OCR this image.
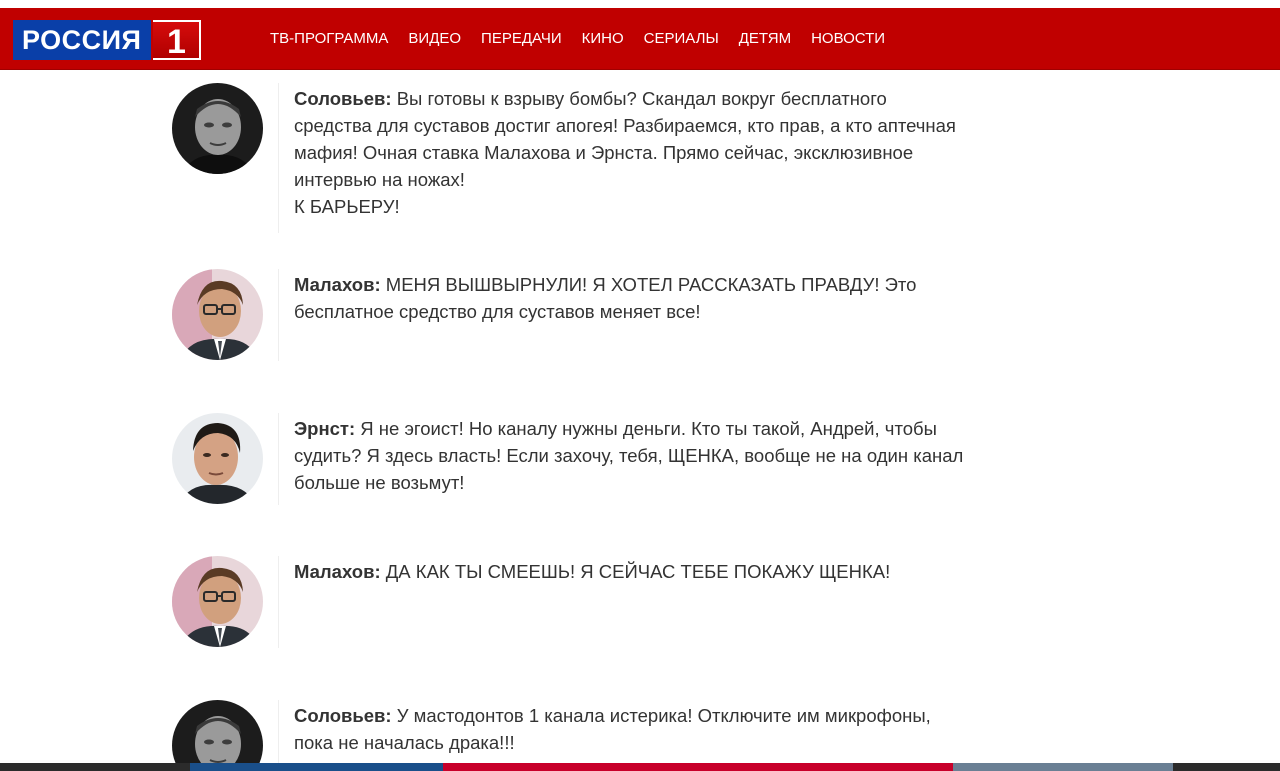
РОССИЯ 1	ТВ-ПРОГРАММА ВИДЕО ПЕРЕДАЧИ КИНО СЕРИАЛЫ ДЕТЯМ НОВОСТИ
Соловьев: Вы готовы к взрыву бомбы? Скандал вокруг бесплатного средства для суставов достиг апогея! Разбираемся, кто прав, а кто аптечная мафия! Очная ставка Малахова и Эрнста. Прямо сейчас, эксклюзивное интервью на ножах!
К БАРЬЕРУ!
Малахов: МЕНЯ ВЫШВЫРНУЛИ! Я ХОТЕЛ РАССКАЗАТЬ ПРАВДУ! Это бесплатное средство для суставов меняет все!
Эрнст: Я не эгоист! Но каналу нужны деньги. Кто ты такой, Андрей, чтобы судить? Я здесь власть! Если захочу, тебя, ЩЕНКА, вообще не на один канал больше не возьмут!
Малахов: ДА КАК ТЫ СМЕЕШЬ! Я СЕЙЧАС ТЕБЕ ПОКАЖУ ЩЕНКА!
Соловьев: У мастодонтов 1 канала истерика! Отключите им микрофоны, пока не началась драка!!!
